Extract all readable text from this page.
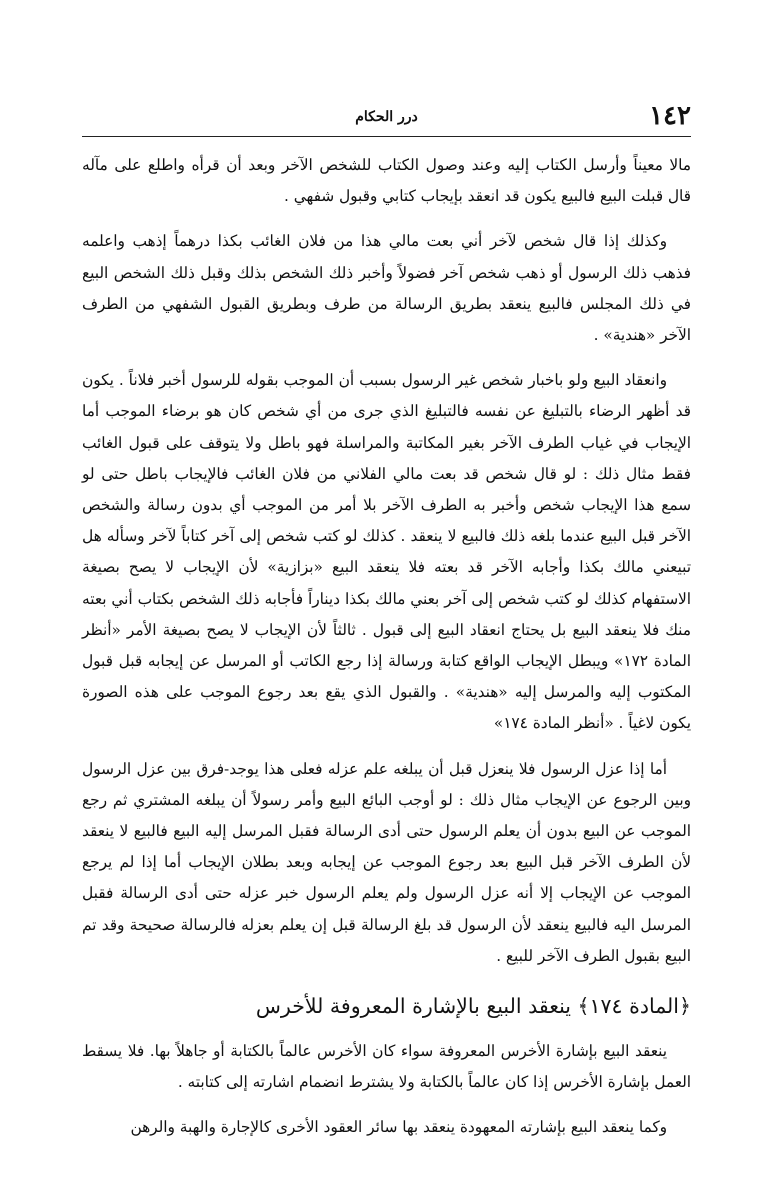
١٤٢
درر الحكام

مالا معيناً وأرسل الكتاب إليه وعند وصول الكتاب للشخص الآخر وبعد أن قرأه واطلع على مآله قال قبلت البيع فالبيع يكون قد انعقد بإيجاب كتابي وقبول شفهي .

وكذلك إذا قال شخص لآخر أني بعت مالي هذا من فلان الغائب بكذا درهماً إذهب واعلمه فذهب ذلك الرسول أو ذهب شخص آخر فضولاً وأخبر ذلك الشخص بذلك وقبل ذلك الشخص البيع في ذلك المجلس فالبيع ينعقد بطريق الرسالة من طرف وبطريق القبول الشفهي من الطرف الآخر «هندية» .

وانعقاد البيع ولو باخبار شخص غير الرسول بسبب أن الموجب بقوله للرسول أخبر فلاناً . يكون قد أظهر الرضاء بالتبليغ عن نفسه فالتبليغ الذي جرى من أي شخص كان هو برضاء الموجب أما الإيجاب في غياب الطرف الآخر بغير المكاتبة والمراسلة فهو باطل ولا يتوقف على قبول الغائب فقط مثال ذلك : لو قال شخص قد بعت مالي الفلاني من فلان الغائب فالإيجاب باطل حتى لو سمع هذا الإيجاب شخص وأخبر به الطرف الآخر بلا أمر من الموجب أي بدون رسالة والشخص الآخر قبل البيع عندما بلغه ذلك فالبيع لا ينعقد . كذلك لو كتب شخص إلى آخر كتاباً لآخر وسأله هل تبيعني مالك بكذا وأجابه الآخر قد بعته فلا ينعقد البيع «بزازية» لأن الإيجاب لا يصح بصيغة الاستفهام كذلك لو كتب شخص إلى آخر بعني مالك بكذا ديناراً فأجابه ذلك الشخص بكتاب أني بعته منك فلا ينعقد البيع بل يحتاج انعقاد البيع إلى قبول . ثالثاً لأن الإيجاب لا يصح بصيغة الأمر «أنظر المادة ١٧٢» ويبطل الإيجاب الواقع كتابة ورسالة إذا رجع الكاتب أو المرسل عن إيجابه قبل قبول المكتوب إليه والمرسل إليه «هندية» . والقبول الذي يقع بعد رجوع الموجب على هذه الصورة يكون لاغياً . «أنظر المادة ١٧٤»

أما إذا عزل الرسول فلا ينعزل قبل أن يبلغه علم عزله فعلى هذا يوجد-فرق بين عزل الرسول وبين الرجوع عن الإيجاب مثال ذلك : لو أوجب البائع البيع وأمر رسولاً أن يبلغه المشتري ثم رجع الموجب عن البيع بدون أن يعلم الرسول حتى أدى الرسالة فقبل المرسل إليه البيع فالبيع لا ينعقد لأن الطرف الآخر قبل البيع بعد رجوع الموجب عن إيجابه وبعد بطلان الإيجاب أما إذا لم يرجع الموجب عن الإيجاب إلا أنه عزل الرسول ولم يعلم الرسول خبر عزله حتى أدى الرسالة فقبل المرسل اليه فالبيع ينعقد لأن الرسول قد بلغ الرسالة قبل إن يعلم بعزله فالرسالة صحيحة وقد تم البيع بقبول الطرف الآخر للبيع .

﴿المادة ١٧٤﴾ ينعقد البيع بالإشارة المعروفة للأخرس

ينعقد البيع بإشارة الأخرس المعروفة سواء كان الأخرس عالماً بالكتابة أو جاهلاً بها. فلا يسقط العمل بإشارة الأخرس إذا كان عالماً بالكتابة ولا يشترط انضمام اشارته إلى كتابته .

وكما ينعقد البيع بإشارته المعهودة ينعقد بها سائر العقود الأخرى كالإجارة والهبة والرهن
